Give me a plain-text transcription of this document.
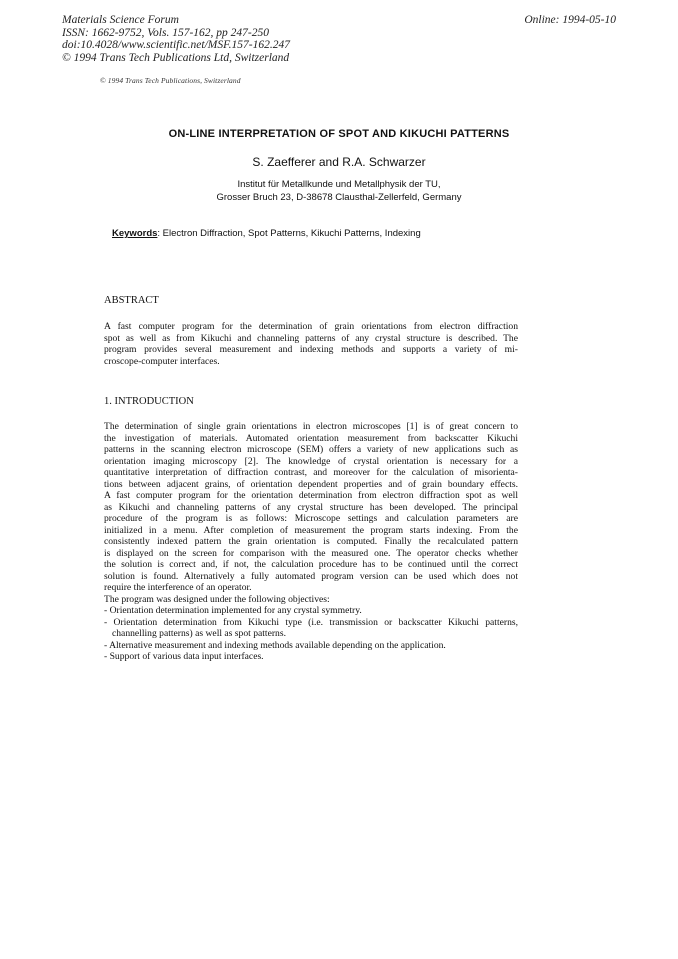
Materials Science Forum
ISSN: 1662-9752, Vols. 157-162, pp 247-250
doi:10.4028/www.scientific.net/MSF.157-162.247
© 1994 Trans Tech Publications Ltd, Switzerland
Online: 1994-05-10
© 1994 Trans Tech Publications, Switzerland
ON-LINE INTERPRETATION OF SPOT AND KIKUCHI PATTERNS
S. Zaefferer and R.A. Schwarzer
Institut für Metallkunde und Metallphysik der TU,
Grosser Bruch 23, D-38678 Clausthal-Zellerfeld, Germany
Keywords: Electron Diffraction, Spot Patterns, Kikuchi Patterns, Indexing
ABSTRACT
A fast computer program for the determination of grain orientations from electron diffraction
spot as well as from Kikuchi and channeling patterns of any crystal structure is described. The
program provides several measurement and indexing methods and supports a variety of mi-
croscope-computer interfaces.
1. INTRODUCTION
The determination of single grain orientations in electron microscopes [1] is of great concern to
the investigation of materials. Automated orientation measurement from backscatter Kikuchi
patterns in the scanning electron microscope (SEM) offers a variety of new applications such as
orientation imaging microscopy [2]. The knowledge of crystal orientation is necessary for a
quantitative interpretation of diffraction contrast, and moreover for the calculation of misorienta-
tions between adjacent grains, of orientation dependent properties and of grain boundary effects.
A fast computer program for the orientation determination from electron diffraction spot as well
as Kikuchi and channeling patterns of any crystal structure has been developed. The principal
procedure of the program is as follows: Microscope settings and calculation parameters are
initialized in a menu. After completion of measurement the program starts indexing. From the
consistently indexed pattern the grain orientation is computed. Finally the recalculated pattern
is displayed on the screen for comparison with the measured one. The operator checks whether
the solution is correct and, if not, the calculation procedure has to be continued until the correct
solution is found. Alternatively a fully automated program version can be used which does not
require the interference of an operator.
The program was designed under the following objectives:
- Orientation determination implemented for any crystal symmetry.
- Orientation determination from Kikuchi type (i.e. transmission or backscatter Kikuchi patterns,
channelling patterns) as well as spot patterns.
- Alternative measurement and indexing methods available depending on the application.
- Support of various data input interfaces.
